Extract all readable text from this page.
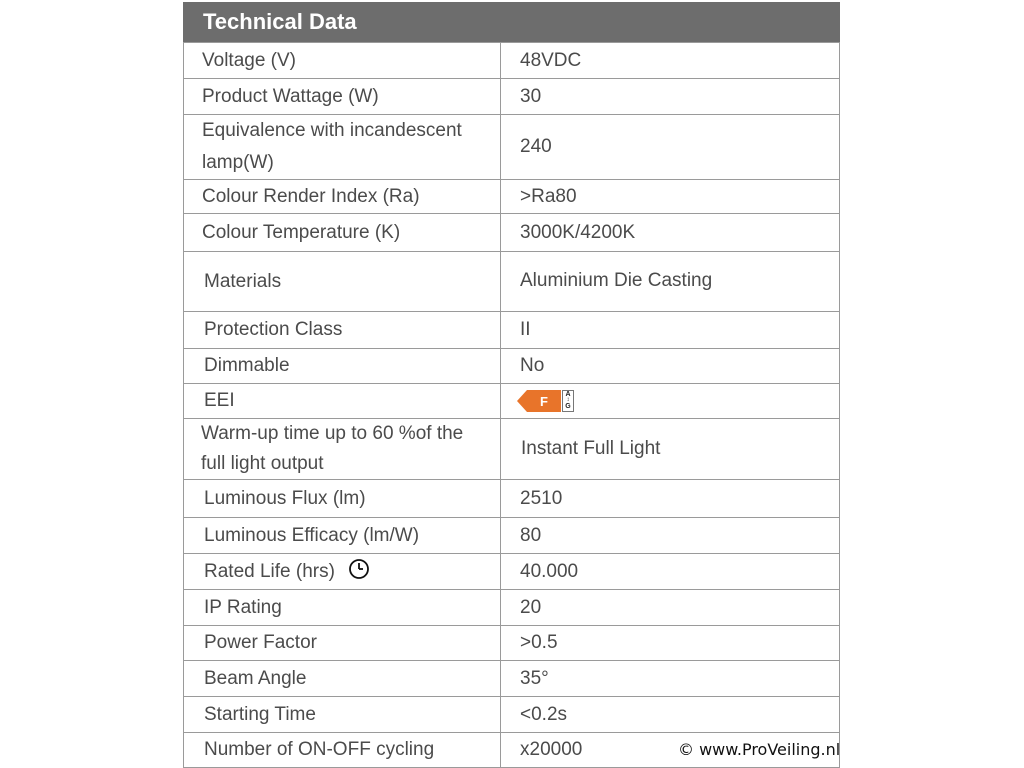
Technical Data
Voltage (V)	48VDC
Product Wattage (W)	30
Equivalence with incandescent lamp(W)	240
Colour Render Index (Ra)	>Ra80
Colour Temperature (K)	3000K/4200K
Materials	Aluminium Die Casting
Protection Class	II
Dimmable	No
EEI	F A
↕
G

Warm-up time up to 60 %of the full light output	Instant Full Light
Luminous Flux (lm)	2510
Luminous Efficacy (lm/W)	80
Rated Life (hrs)	40.000
IP Rating	20
Power Factor	>0.5
Beam Angle	35°
Starting Time	<0.2s
Number of ON-OFF cycling	x20000	© www.ProVeiling.nl
